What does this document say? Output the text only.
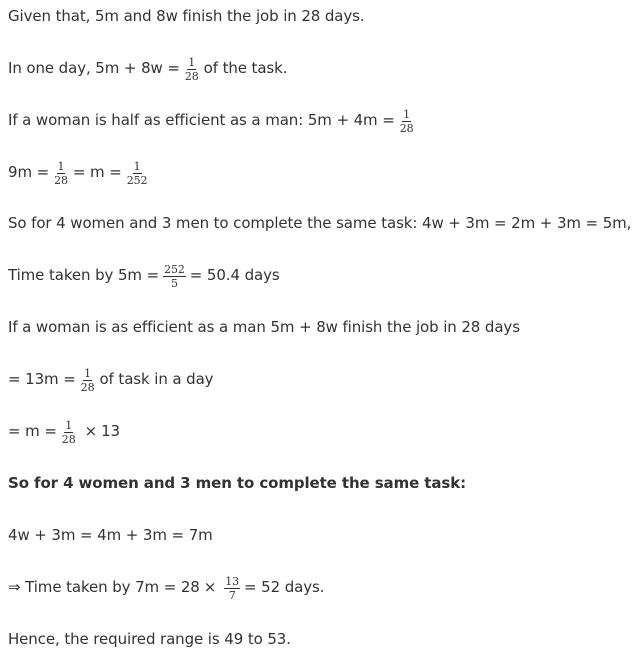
Given that, 5m and 8w finish the job in 28 days.
In one day, $5m + 8w = \frac{1}{28}$ of the task.
If a woman is half as efficient as a man: $5m + 4m = \frac{1}{28}$
$9m = \frac{1}{28} = m = \frac{1}{252}$
So for 4 women and 3 men to complete the same task: 4w + 3m = 2m + 3m = 5m,
Time taken by $5m = \frac{252}{5} = 50.4$ days
If a woman is as efficient as a man 5m + 8w finish the job in 28 days
= $13m = \frac{1}{28}$ of task in a day
= $m = \frac{1}{28} \times 13$
So for 4 women and 3 men to complete the same task:
4w + 3m = 4m + 3m = 7m
⇒ Time taken by $7m = 28 \times \frac{13}{7} = 52$ days.
Hence, the required range is 49 to 53.
